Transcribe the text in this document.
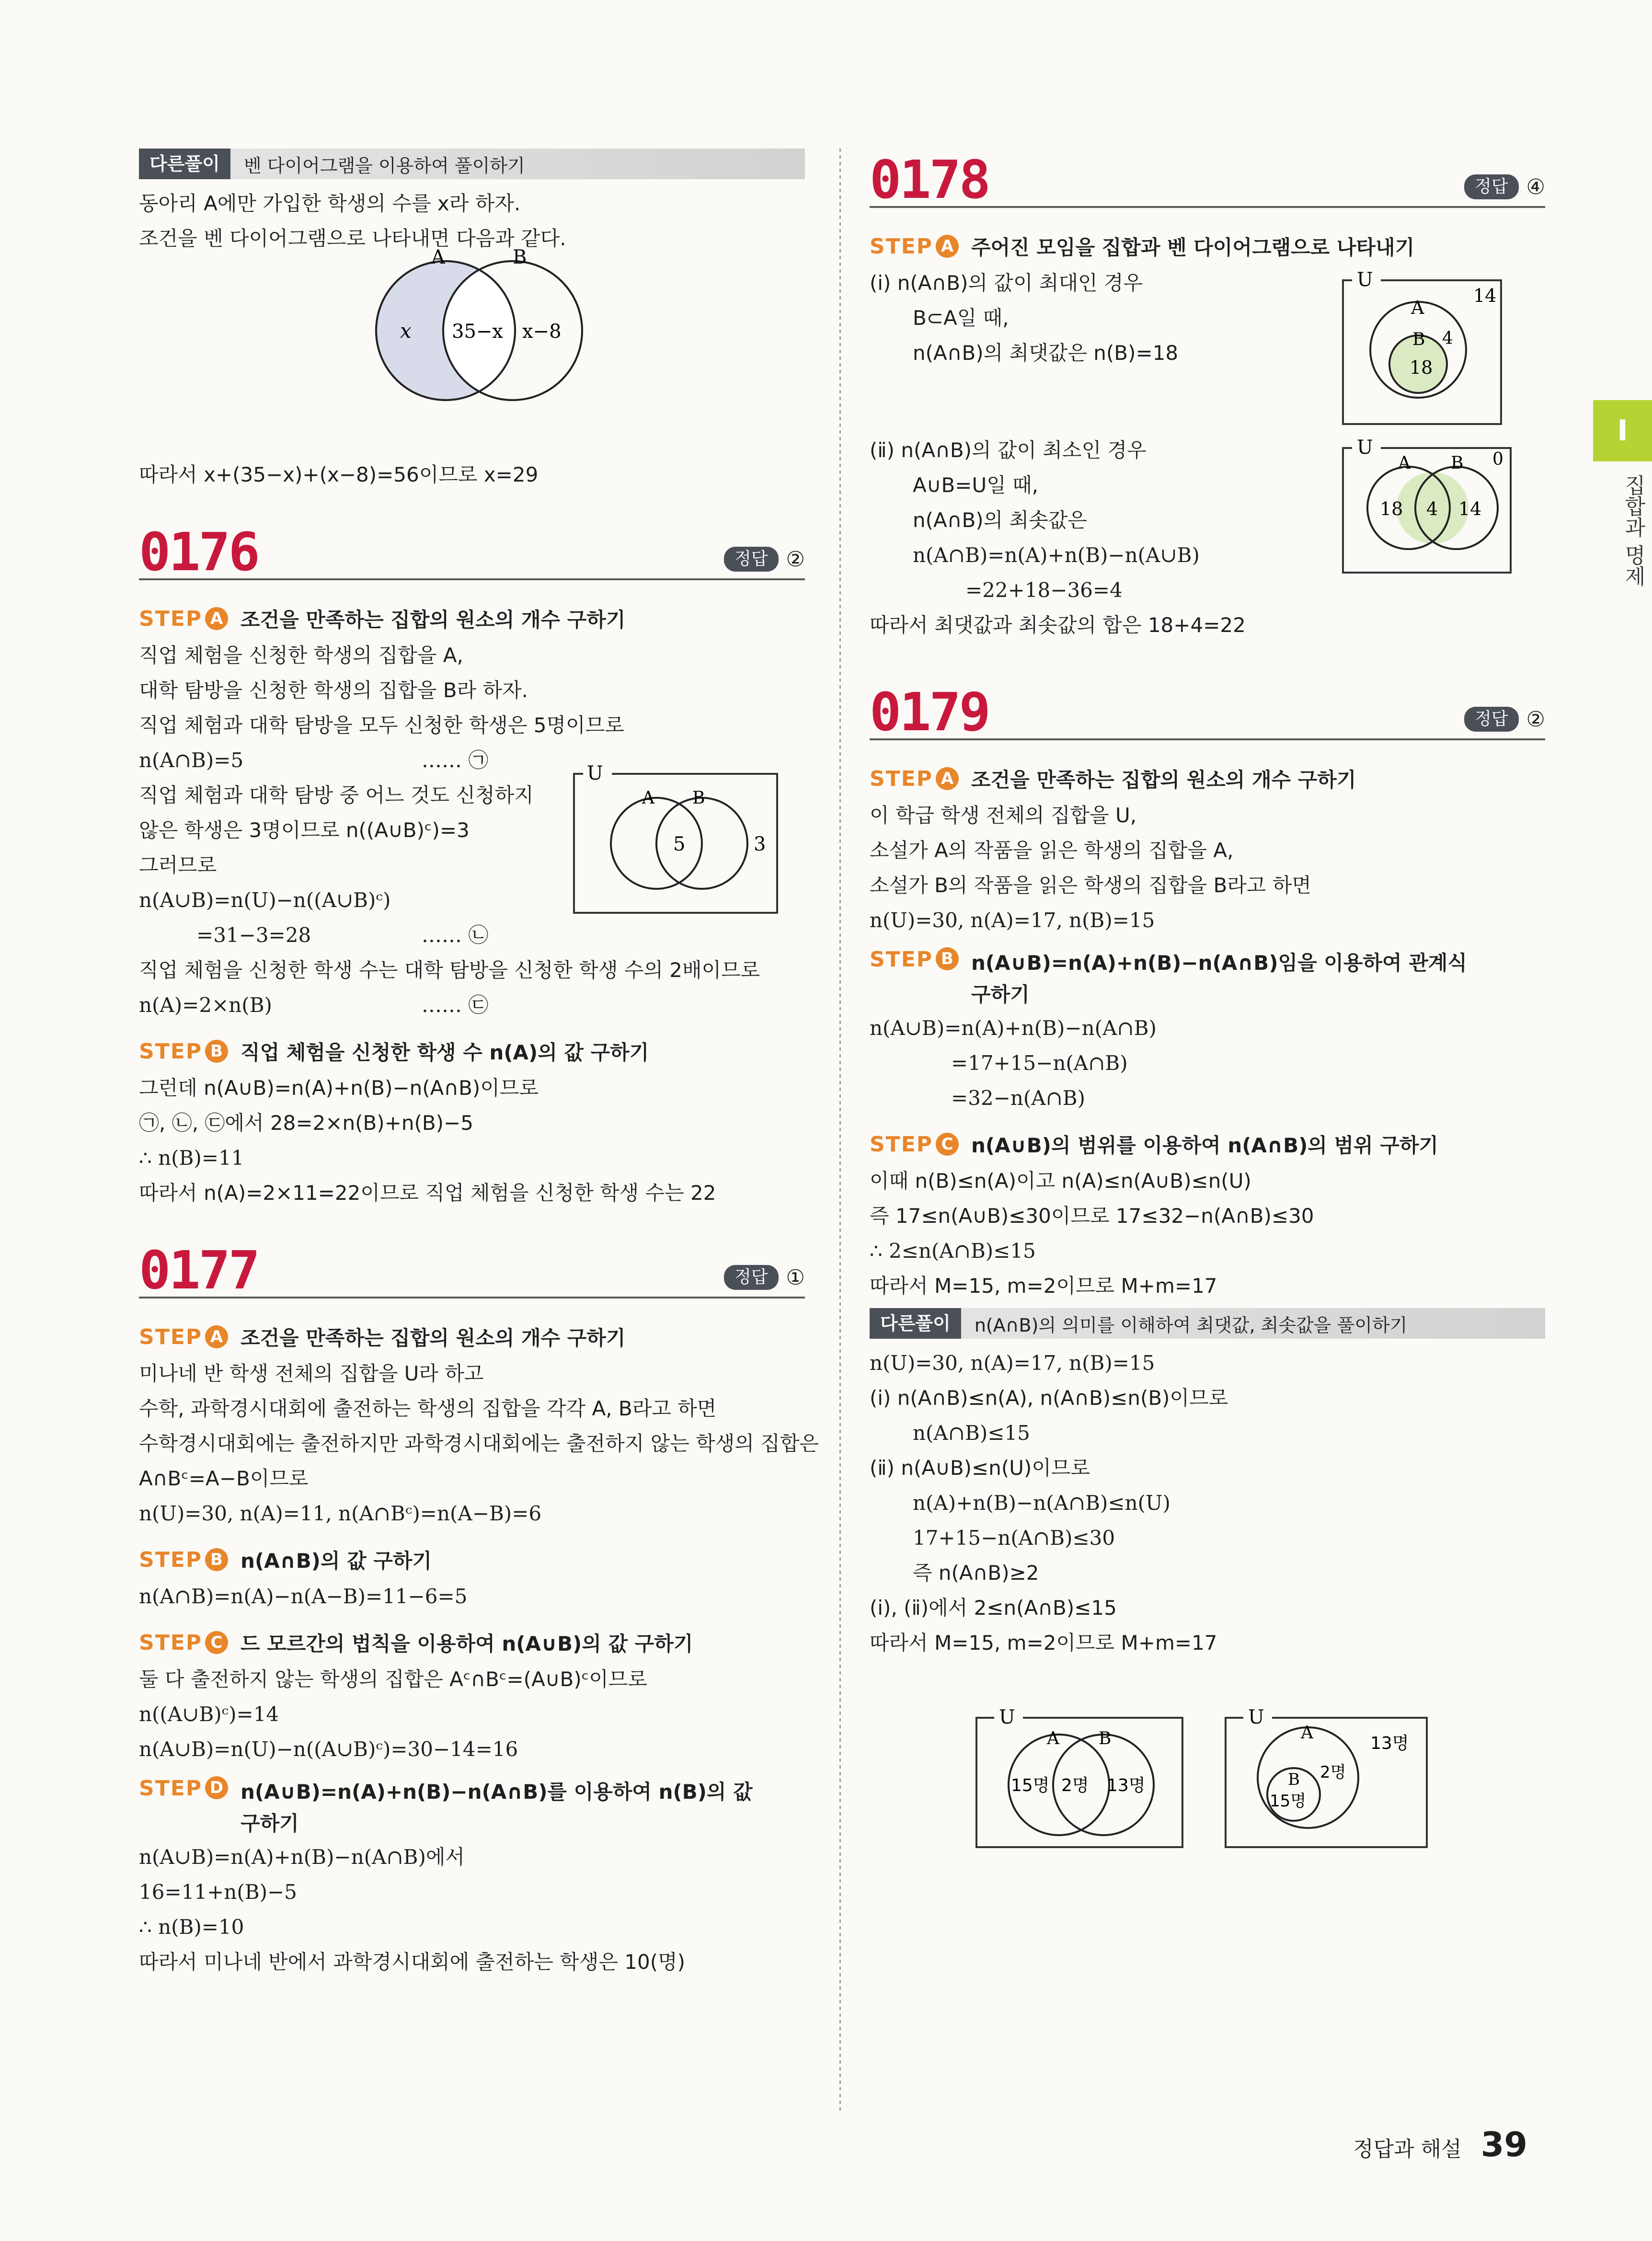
다른풀이	벤 다이어그램을 이용하여 풀이하기
동아리 A에만 가입한 학생의 수를 x라 하자.
조건을 벤 다이어그램으로 나타내면 다음과 같다.
따라서 x+(35−x)+(x−8)=56이므로 x=29
0176	정답 ②
STEP A 조건을 만족하는 집합의 원소의 개수 구하기
직업 체험을 신청한 학생의 집합을 A,
대학 탐방을 신청한 학생의 집합을 B라 하자.
직업 체험과 대학 탐방을 모두 신청한 학생은 5명이므로
n(A∩B)=5	…… ㉠
직업 체험과 대학 탐방 중 어느 것도 신청하지
않은 학생은 3명이므로 n((A∪B)ᶜ)=3
그러므로
n(A∪B)=n(U)−n((A∪B)ᶜ)
=31−3=28	…… ㉡
직업 체험을 신청한 학생 수는 대학 탐방을 신청한 학생 수의 2배이므로
n(A)=2×n(B)	…… ㉢
STEP B 직업 체험을 신청한 학생 수 n(A)의 값 구하기
그런데 n(A∪B)=n(A)+n(B)−n(A∩B)이므로
㉠, ㉡, ㉢에서 28=2×n(B)+n(B)−5
∴ n(B)=11
따라서 n(A)=2×11=22이므로 직업 체험을 신청한 학생 수는 22
0177	정답 ①
STEP A 조건을 만족하는 집합의 원소의 개수 구하기
미나네 반 학생 전체의 집합을 U라 하고
수학, 과학경시대회에 출전하는 학생의 집합을 각각 A, B라고 하면
수학경시대회에는 출전하지만 과학경시대회에는 출전하지 않는 학생의 집합은
A∩Bᶜ=A−B이므로
n(U)=30, n(A)=11, n(A∩Bᶜ)=n(A−B)=6
STEP B n(A∩B)의 값 구하기
n(A∩B)=n(A)−n(A−B)=11−6=5
STEP C 드 모르간의 법칙을 이용하여 n(A∪B)의 값 구하기
둘 다 출전하지 않는 학생의 집합은 Aᶜ∩Bᶜ=(A∪B)ᶜ이므로
n((A∪B)ᶜ)=14
n(A∪B)=n(U)−n((A∪B)ᶜ)=30−14=16
STEP D n(A∪B)=n(A)+n(B)−n(A∩B)를 이용하여 n(B)의 값
구하기
n(A∪B)=n(A)+n(B)−n(A∩B)에서
16=11+n(B)−5
∴ n(B)=10
따라서 미나네 반에서 과학경시대회에 출전하는 학생은 10(명)
A	B
x 35−x x−8
U
A B
5	3
0178	정답 ④
STEP A 주어진 모임을 집합과 벤 다이어그램으로 나타내기
(ⅰ) n(A∩B)의 값이 최대인 경우
B⊂A일 때,
n(A∩B)의 최댓값은 n(B)=18
(ⅱ) n(A∩B)의 값이 최소인 경우
A∪B=U일 때,
n(A∩B)의 최솟값은
n(A∩B)=n(A)+n(B)−n(A∪B)
=22+18−36=4
따라서 최댓값과 최솟값의 합은 18+4=22
0179	정답 ②
STEP A 조건을 만족하는 집합의 원소의 개수 구하기
이 학급 학생 전체의 집합을 U,
소설가 A의 작품을 읽은 학생의 집합을 A,
소설가 B의 작품을 읽은 학생의 집합을 B라고 하면
n(U)=30, n(A)=17, n(B)=15
STEP B n(A∪B)=n(A)+n(B)−n(A∩B)임을 이용하여 관계식
구하기
n(A∪B)=n(A)+n(B)−n(A∩B)
=17+15−n(A∩B)
=32−n(A∩B)
STEP C n(A∪B)의 범위를 이용하여 n(A∩B)의 범위 구하기
이때 n(B)≤n(A)이고 n(A)≤n(A∪B)≤n(U)
즉 17≤n(A∪B)≤30이므로 17≤32−n(A∩B)≤30
∴ 2≤n(A∩B)≤15
따라서 M=15, m=2이므로 M+m=17
다른풀이	n(A∩B)의 의미를 이해하여 최댓값, 최솟값을 풀이하기
n(U)=30, n(A)=17, n(B)=15
(ⅰ) n(A∩B)≤n(A), n(A∩B)≤n(B)이므로
n(A∩B)≤15
(ⅱ) n(A∪B)≤n(U)이므로
n(A)+n(B)−n(A∩B)≤n(U)
17+15−n(A∩B)≤30
즉 n(A∩B)≥2
(ⅰ), (ⅱ)에서 2≤n(A∩B)≤15
따라서 M=15, m=2이므로 M+m=17
U
A
B
18
4
14
U
A B
18 4 14
0
U
A B
15명 2명 13명
U
A
B
15명
2명
13명
I
집합과 명제
정답과 해설 39
